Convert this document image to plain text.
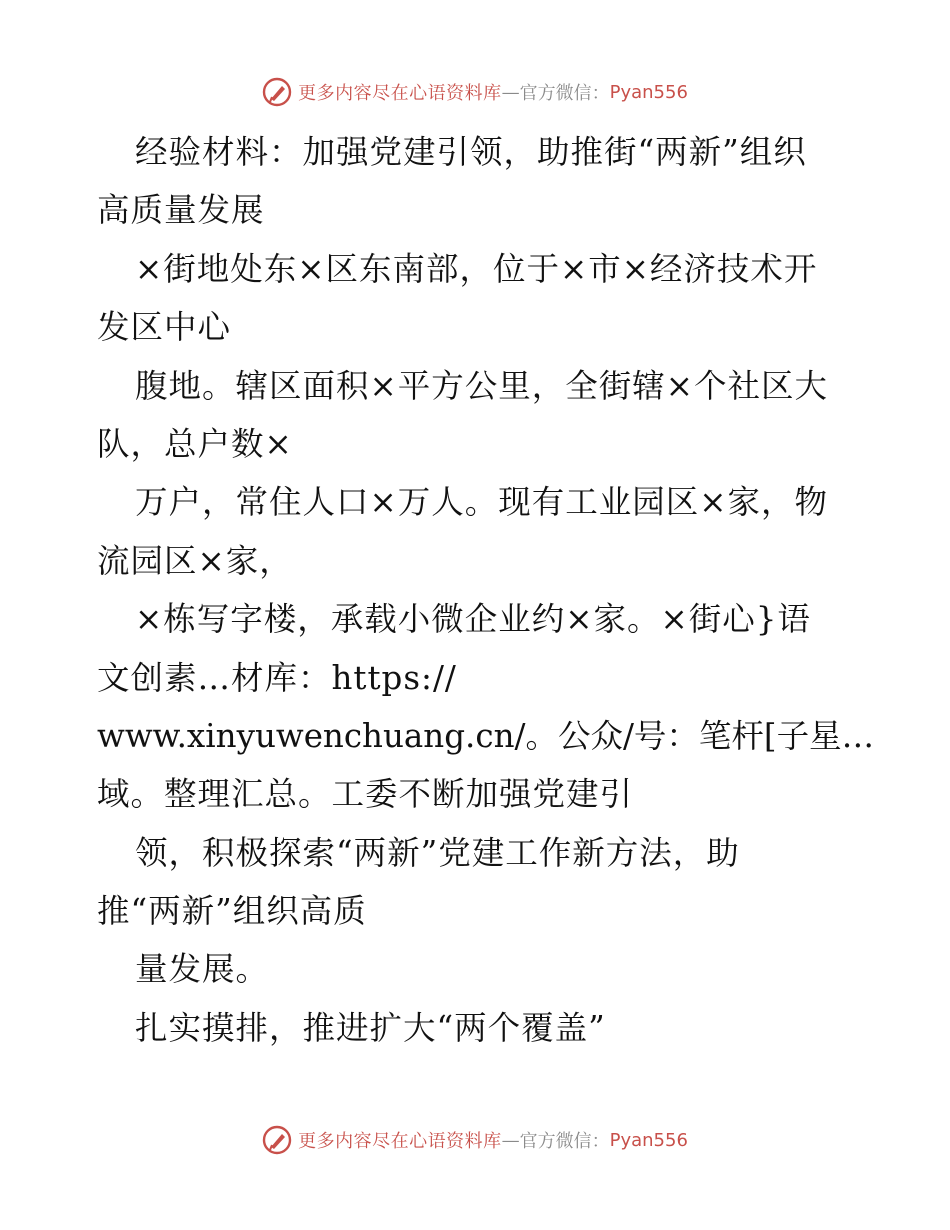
更多内容尽在心语资料库 — 官方微信： Pyan556
经验材料：加强党建引领，助推街“两新”组织
高质量发展
×街地处东×区东南部，位于×市×经济技术开
发区中心
腹地。辖区面积×平方公里，全街辖×个社区大
队，总户数×
万户，常住人口×万人。现有工业园区×家，物
流园区×家，
×栋写字楼，承载小微企业约×家。×街心}语
文创素…材库：https://
www.xinyuwenchuang.cn/。公众/号：笔杆[子星…
域。整理汇总。工委不断加强党建引
领，积极探索“两新”党建工作新方法，助
推“两新”组织高质
量发展。
扎实摸排，推进扩大“两个覆盖”
更多内容尽在心语资料库 — 官方微信： Pyan556
